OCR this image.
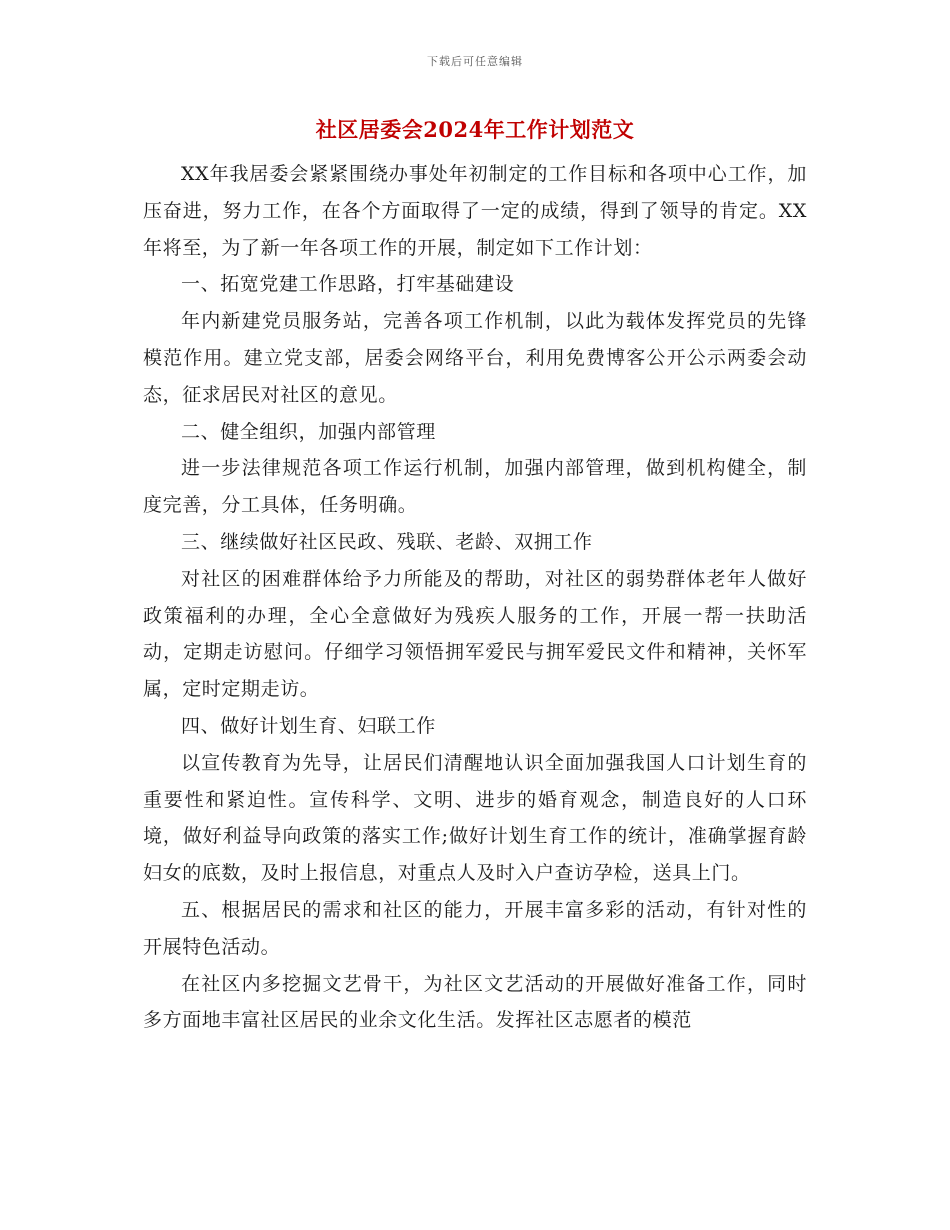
下载后可任意编辑
社区居委会2024年工作计划范文

XX年我居委会紧紧围绕办事处年初制定的工作目标和各项中心工作，加压奋进，努力工作，在各个方面取得了一定的成绩，得到了领导的肯定。XX年将至，为了新一年各项工作的开展，制定如下工作计划：

一、拓宽党建工作思路，打牢基础建设

年内新建党员服务站，完善各项工作机制，以此为载体发挥党员的先锋模范作用。建立党支部，居委会网络平台，利用免费博客公开公示两委会动态，征求居民对社区的意见。

二、健全组织，加强内部管理

进一步法律规范各项工作运行机制，加强内部管理，做到机构健全，制度完善，分工具体，任务明确。

三、继续做好社区民政、残联、老龄、双拥工作

对社区的困难群体给予力所能及的帮助，对社区的弱势群体老年人做好政策福利的办理，全心全意做好为残疾人服务的工作，开展一帮一扶助活动，定期走访慰问。仔细学习领悟拥军爱民与拥军爱民文件和精神，关怀军属，定时定期走访。

四、做好计划生育、妇联工作

以宣传教育为先导，让居民们清醒地认识全面加强我国人口计划生育的重要性和紧迫性。宣传科学、文明、进步的婚育观念，制造良好的人口环境，做好利益导向政策的落实工作;做好计划生育工作的统计，准确掌握育龄妇女的底数，及时上报信息，对重点人及时入户查访孕检，送具上门。

五、根据居民的需求和社区的能力，开展丰富多彩的活动，有针对性的开展特色活动。

在社区内多挖掘文艺骨干，为社区文艺活动的开展做好准备工作，同时多方面地丰富社区居民的业余文化生活。发挥社区志愿者的模范
